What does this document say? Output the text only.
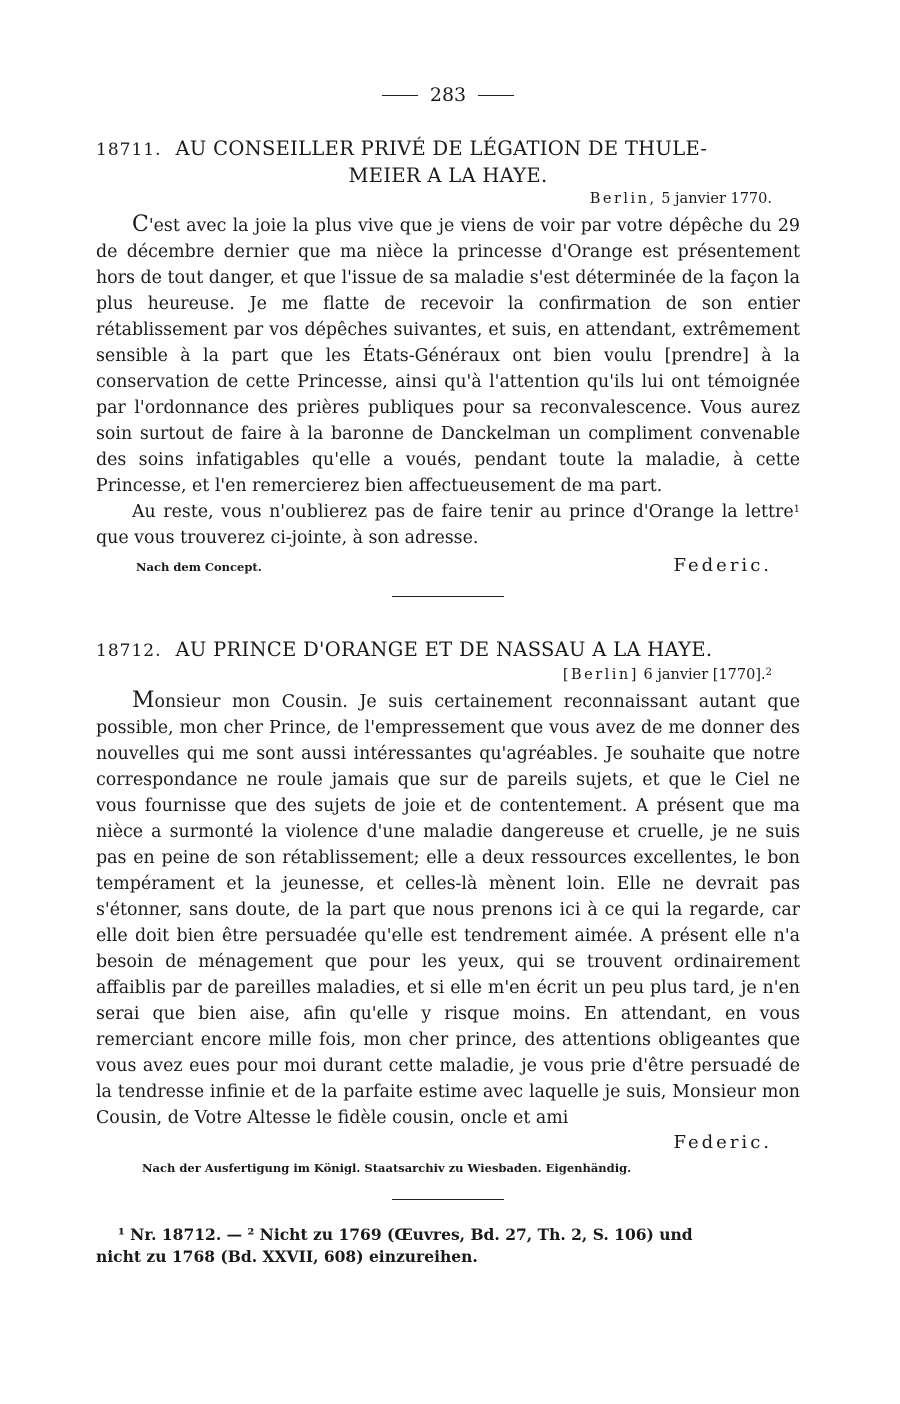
283
18711. AU CONSEILLER PRIVÉ DE LÉGATION DE THULE-
MEIER A LA HAYE.
Berlin, 5 janvier 1770.

C'est avec la joie la plus vive que je viens de voir par votre dépêche du 29 de décembre dernier que ma nièce la princesse d'Orange est présentement hors de tout danger, et que l'issue de sa maladie s'est déterminée de la façon la plus heureuse. Je me flatte de recevoir la confirmation de son entier rétablissement par vos dépêches suivantes, et suis, en attendant, extrêmement sensible à la part que les États-Généraux ont bien voulu [prendre] à la conservation de cette Princesse, ainsi qu'à l'attention qu'ils lui ont témoignée par l'ordonnance des prières publiques pour sa reconvalescence. Vous aurez soin surtout de faire à la baronne de Danckelman un compliment convenable des soins infatigables qu'elle a voués, pendant toute la maladie, à cette Princesse, et l'en remercierez bien affectueusement de ma part.

Au reste, vous n'oublierez pas de faire tenir au prince d'Orange la lettre$^1$ que vous trouverez ci-jointe, à son adresse.

Nach dem Concept.	Federic.
18712. AU PRINCE D'ORANGE ET DE NASSAU A LA HAYE.
[Berlin] 6 janvier [1770].$^2$

Monsieur mon Cousin. Je suis certainement reconnaissant autant que possible, mon cher Prince, de l'empressement que vous avez de me donner des nouvelles qui me sont aussi intéressantes qu'agréables. Je souhaite que notre correspondance ne roule jamais que sur de pareils sujets, et que le Ciel ne vous fournisse que des sujets de joie et de contentement. A présent que ma nièce a surmonté la violence d'une maladie dangereuse et cruelle, je ne suis pas en peine de son rétablissement; elle a deux ressources excellentes, le bon tempérament et la jeunesse, et celles-là mènent loin. Elle ne devrait pas s'étonner, sans doute, de la part que nous prenons ici à ce qui la regarde, car elle doit bien être persuadée qu'elle est tendrement aimée. A présent elle n'a besoin de ménagement que pour les yeux, qui se trouvent ordinairement affaiblis par de pareilles maladies, et si elle m'en écrit un peu plus tard, je n'en serai que bien aise, afin qu'elle y risque moins. En attendant, en vous remerciant encore mille fois, mon cher prince, des attentions obligeantes que vous avez eues pour moi durant cette maladie, je vous prie d'être persuadé de la tendresse infinie et de la parfaite estime avec laquelle je suis, Monsieur mon Cousin, de Votre Altesse le fidèle cousin, oncle et ami

Federic.
Nach der Ausfertigung im Königl. Staatsarchiv zu Wiesbaden. Eigenhändig.
¹ Nr. 18712. — ² Nicht zu 1769 (Œuvres, Bd. 27, Th. 2, S. 106) und
nicht zu 1768 (Bd. XXVII, 608) einzureihen.
